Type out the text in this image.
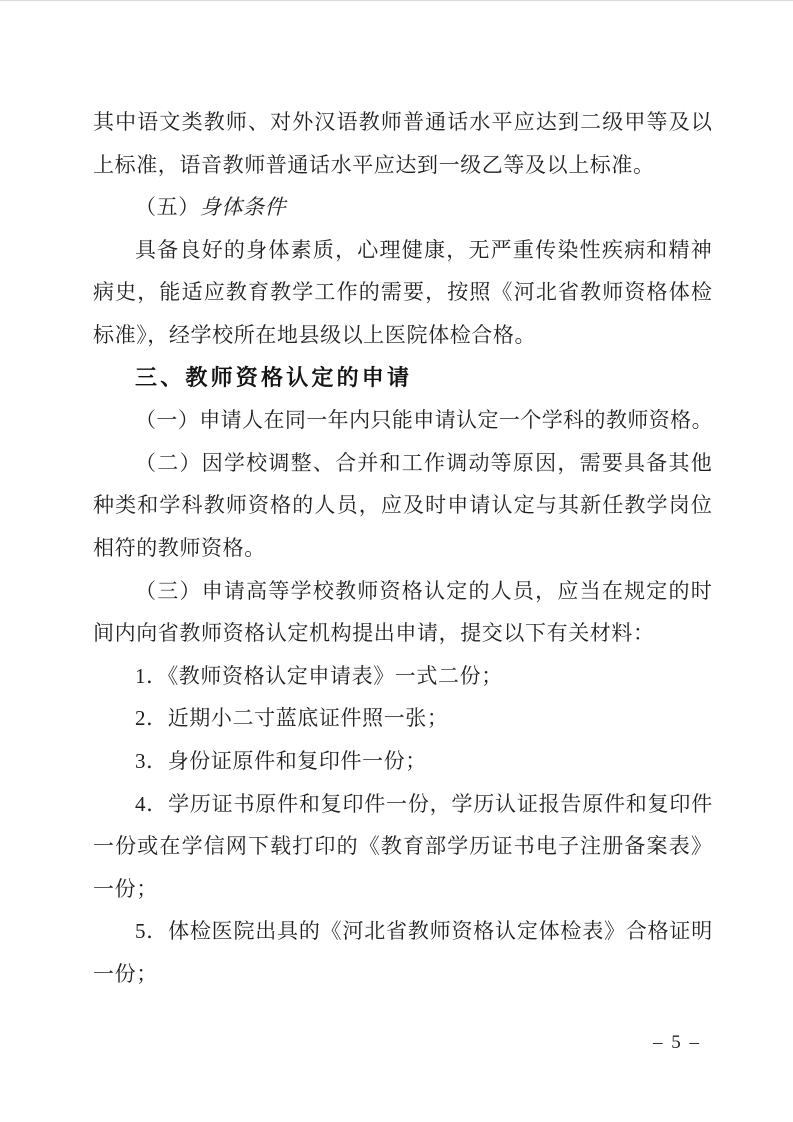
其中语文类教师、对外汉语教师普通话水平应达到二级甲等及以
上标准，语音教师普通话水平应达到一级乙等及以上标准。
（五）身体条件
具备良好的身体素质，心理健康，无严重传染性疾病和精神
病史，能适应教育教学工作的需要，按照《河北省教师资格体检
标准》，经学校所在地县级以上医院体检合格。
三、教师资格认定的申请
（一）申请人在同一年内只能申请认定一个学科的教师资格。
（二）因学校调整、合并和工作调动等原因，需要具备其他
种类和学科教师资格的人员，应及时申请认定与其新任教学岗位
相符的教师资格。
（三）申请高等学校教师资格认定的人员，应当在规定的时
间内向省教师资格认定机构提出申请，提交以下有关材料：
1．《教师资格认定申请表》一式二份；
2．近期小二寸蓝底证件照一张；
3．身份证原件和复印件一份；
4．学历证书原件和复印件一份，学历认证报告原件和复印件
一份或在学信网下载打印的《教育部学历证书电子注册备案表》
一份；
5．体检医院出具的《河北省教师资格认定体检表》合格证明
一份；
– 5 –
